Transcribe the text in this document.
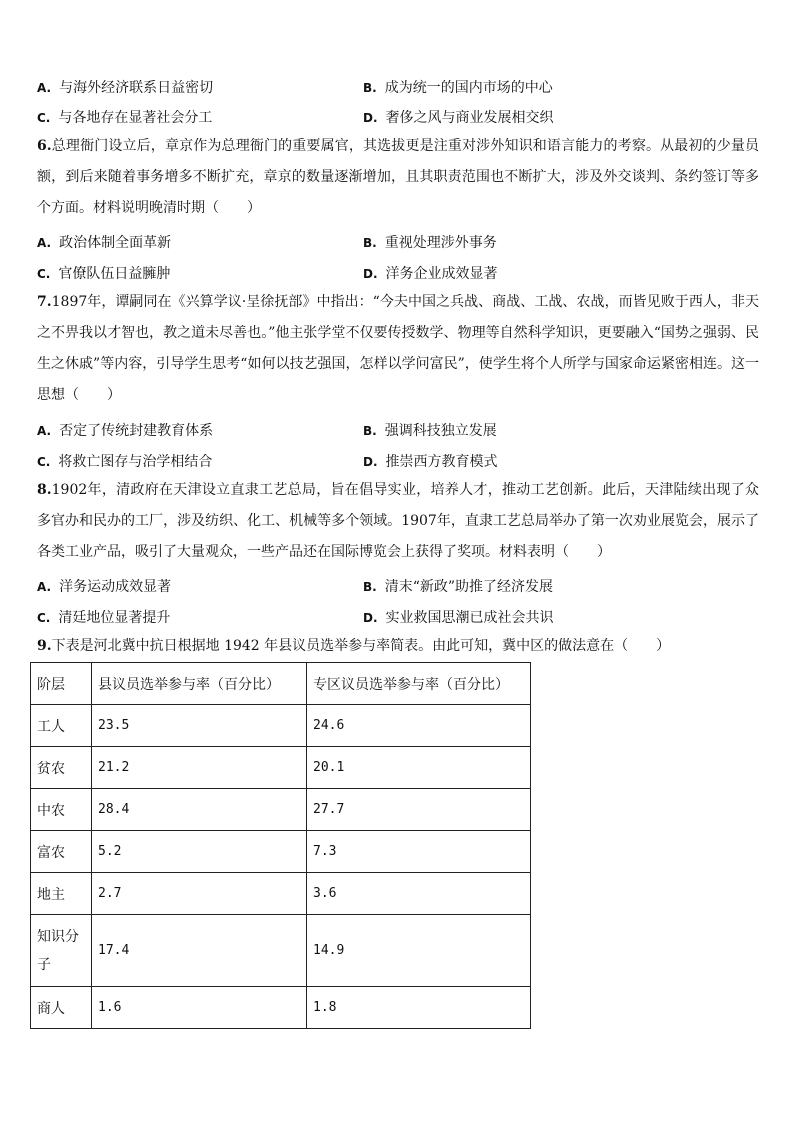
A. 与海外经济联系日益密切	B. 成为统一的国内市场的中心
C. 与各地存在显著社会分工	D. 奢侈之风与商业发展相交织
6.总理衙门设立后，章京作为总理衙门的重要属官，其选拔更是注重对涉外知识和语言能力的考察。从最初的少量员额，到后来随着事务增多不断扩充，章京的数量逐渐增加，且其职责范围也不断扩大，涉及外交谈判、条约签订等多个方面。材料说明晚清时期（　　）
A. 政治体制全面革新	B. 重视处理涉外事务
C. 官僚队伍日益臃肿	D. 洋务企业成效显著
7.1897年，谭嗣同在《兴算学议·呈徐抚部》中指出：“今夫中国之兵战、商战、工战、农战，而皆见败于西人，非天之不畀我以才智也，教之道未尽善也。”他主张学堂不仅要传授数学、物理等自然科学知识，更要融入“国势之强弱、民生之休戚”等内容，引导学生思考“如何以技艺强国，怎样以学问富民”，使学生将个人所学与国家命运紧密相连。这一思想（　　）
A. 否定了传统封建教育体系	B. 强调科技独立发展
C. 将救亡图存与治学相结合	D. 推崇西方教育模式
8.1902年，清政府在天津设立直隶工艺总局，旨在倡导实业，培养人才，推动工艺创新。此后，天津陆续出现了众多官办和民办的工厂，涉及纺织、化工、机械等多个领域。1907年，直隶工艺总局举办了第一次劝业展览会，展示了各类工业产品，吸引了大量观众，一些产品还在国际博览会上获得了奖项。材料表明（　　）
A. 洋务运动成效显著	B. 清末“新政”助推了经济发展
C. 清廷地位显著提升	D. 实业救国思潮已成社会共识
9.下表是河北冀中抗日根据地 1942 年县议员选举参与率简表。由此可知，冀中区的做法意在（　　）
阶层	县议员选举参与率（百分比）	专区议员选举参与率（百分比）
工人	23.5	24.6
贫农	21.2	20.1
中农	28.4	27.7
富农	5.2	7.3
地主	2.7	3.6
知识分子	17.4	14.9
商人	1.6	1.8
